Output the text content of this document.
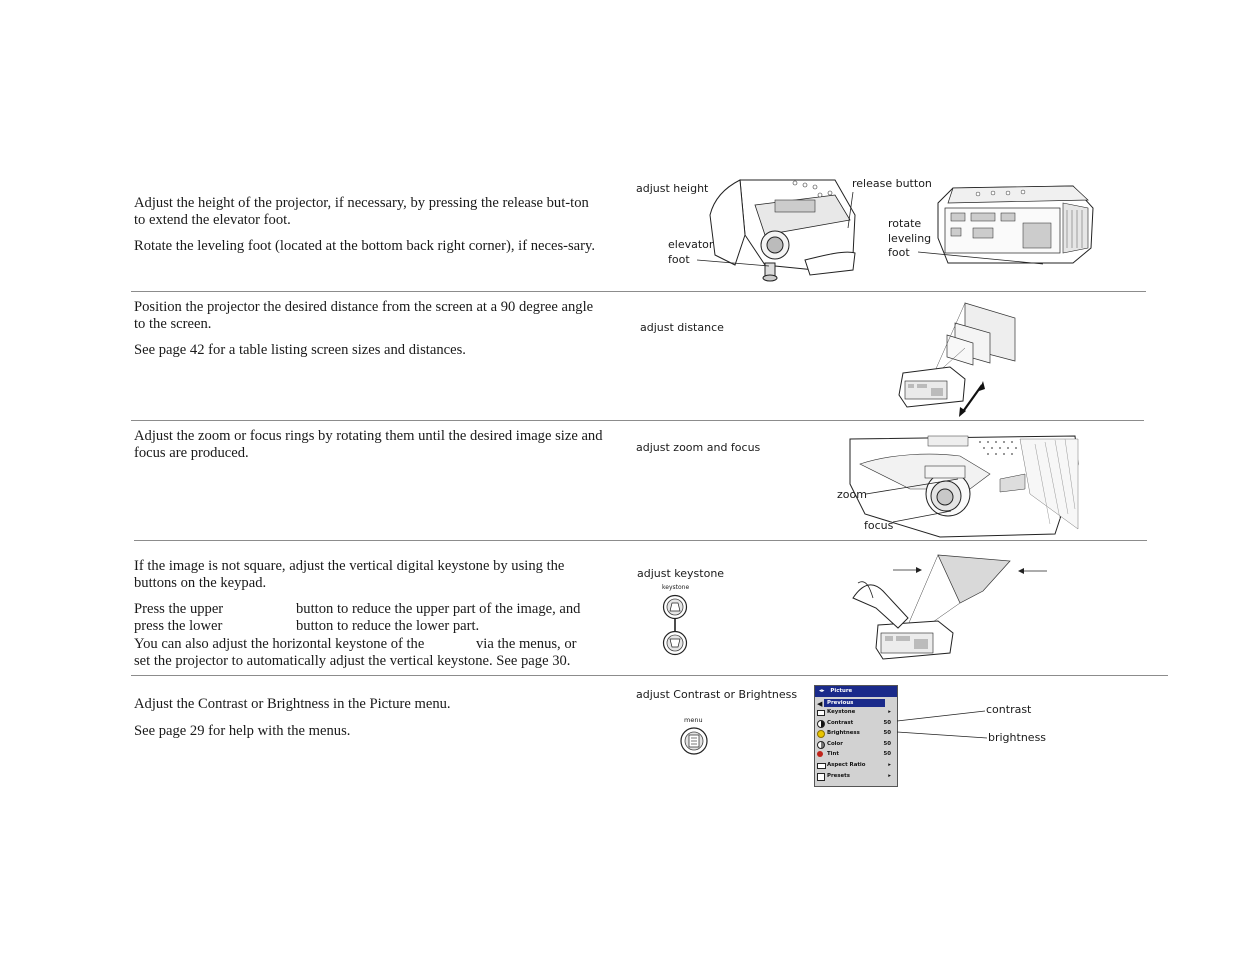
Adjust the height of the projector, if necessary, by pressing the release but-ton to extend the elevator foot.

Rotate the leveling foot (located at the bottom back right corner), if neces-sary.

adjust height	release button
elevator
foot
rotate
leveling
foot

Position the projector the desired distance from the screen at a 90 degree angle to the screen.

See page 42 for a table listing screen sizes and distances.

adjust distance

Adjust the zoom or focus rings by rotating them until the desired image size and focus are produced.	adjust zoom and focus
zoom
focus

If the image is not square, adjust the vertical digital keystone by using the buttons on the keypad.

Press the upper	button to reduce the upper part of the image, and
press the lower	button to reduce the lower part.
You can also adjust the horizontal keystone of the	via the menus, or
set the projector to automatically adjust the vertical keystone. See page 30.
adjust keystone
keystone

Adjust the Contrast or Brightness in the Picture menu.

See page 29 for help with the menus.

adjust Contrast or Brightness
menu
◂▸ Picture
◀ Previous
Keystone	▸
Contrast	50
Brightness	50
Color	50
Tint	50
Aspect Ratio	▸
Presets	▸
contrast
brightness
